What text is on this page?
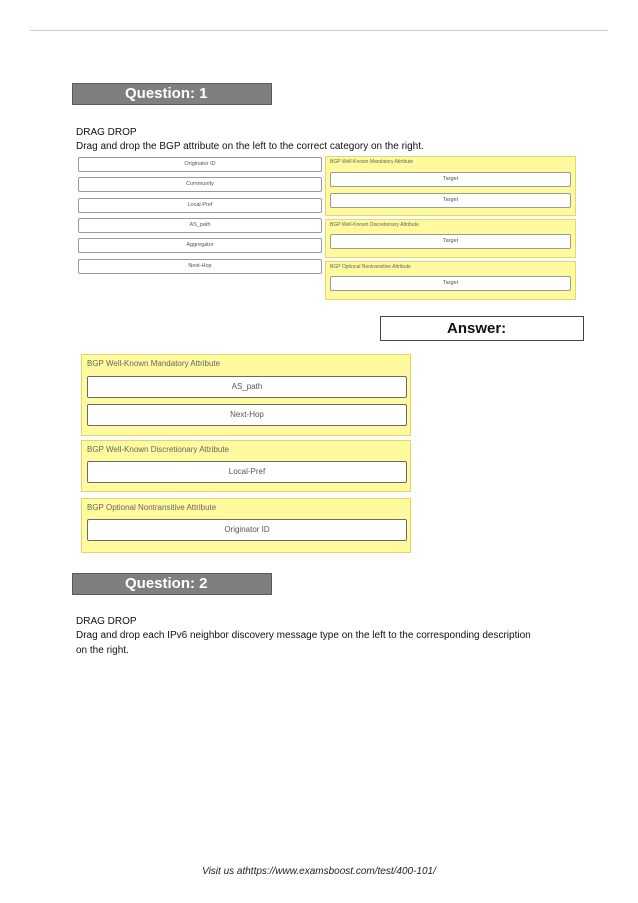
Question: 1
DRAG DROP
Drag and drop the BGP attribute on the left to the correct category on the right.
Originator ID
Community
Local-Pref
AS_path
Aggregator
Next-Hop
BGP Well-Known Mandatory Attribute
Target
Target
BGP Well-Known Discretionary Attribute
Target
BGP Optional Nontransitive Attribute
Target
Answer:
BGP Well-Known Mandatory Attribute
AS_path
Next-Hop
BGP Well-Known Discretionary Attribute
Local-Pref
BGP Optional Nontransitive Attribute
Originator ID
Question: 2
DRAG DROP
Drag and drop each IPv6 neighbor discovery message type on the left to the corresponding description
on the right.
Visit us athttps://www.examsboost.com/test/400-101/
